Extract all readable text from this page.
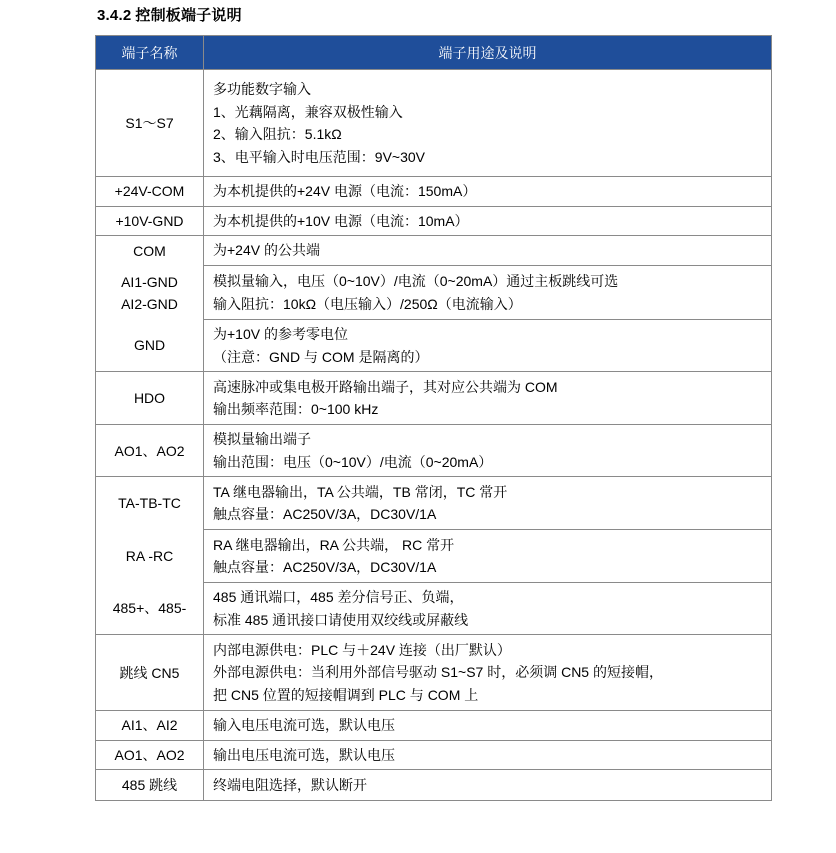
3.4.2 控制板端子说明
端子名称	端子用途及说明

S1～S7	多功能数字输入
1、光藕隔离，兼容双极性输入
2、输入阻抗：5.1kΩ
3、电平输入时电压范围：9V~30V

+24V-COM	为本机提供的+24V 电源（电流：150mA）

+10V-GND	为本机提供的+10V 电源（电流：10mA）

COM	为+24V 的公共端

AI1-GND
AI2-GND	模拟量输入，电压（0~10V）/电流（0~20mA）通过主板跳线可选
输入阻抗：10kΩ（电压输入）/250Ω（电流输入）

GND	为+10V 的参考零电位
（注意：GND 与 COM 是隔离的）

HDO	高速脉冲或集电极开路输出端子，其对应公共端为 COM
输出频率范围：0~100 kHz

AO1、AO2	模拟量输出端子
输出范围：电压（0~10V）/电流（0~20mA）

TA-TB-TC	TA 继电器输出，TA 公共端，TB 常闭，TC 常开
触点容量：AC250V/3A，DC30V/1A

RA -RC	RA 继电器输出，RA 公共端， RC 常开
触点容量：AC250V/3A，DC30V/1A

485+、485-	485 通讯端口，485 差分信号正、负端，
标准 485 通讯接口请使用双绞线或屏蔽线

跳线 CN5	内部电源供电：PLC 与＋24V 连接（出厂默认）
外部电源供电：当利用外部信号驱动 S1~S7 时，必须调 CN5 的短接帽，
把 CN5 位置的短接帽调到 PLC 与 COM 上

AI1、AI2	输入电压电流可选，默认电压

AO1、AO2	输出电压电流可选，默认电压

485 跳线	终端电阻选择，默认断开
